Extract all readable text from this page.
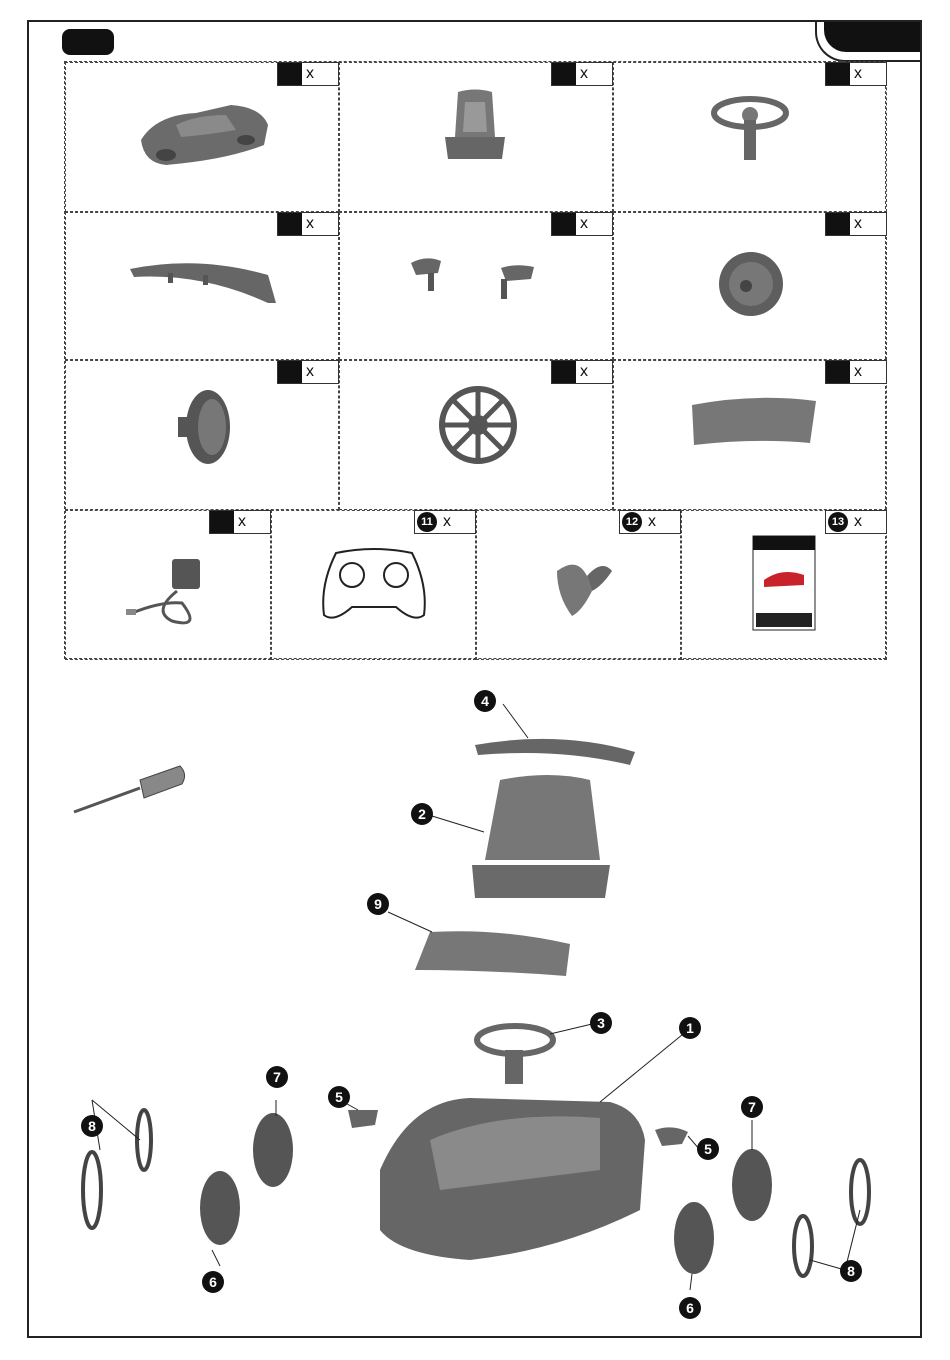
x	x	x
x	x	x
x	x	x
x	11 x	12 x	13 x
4
2
9
3	1
7
5
8
6
7
5
8
6
